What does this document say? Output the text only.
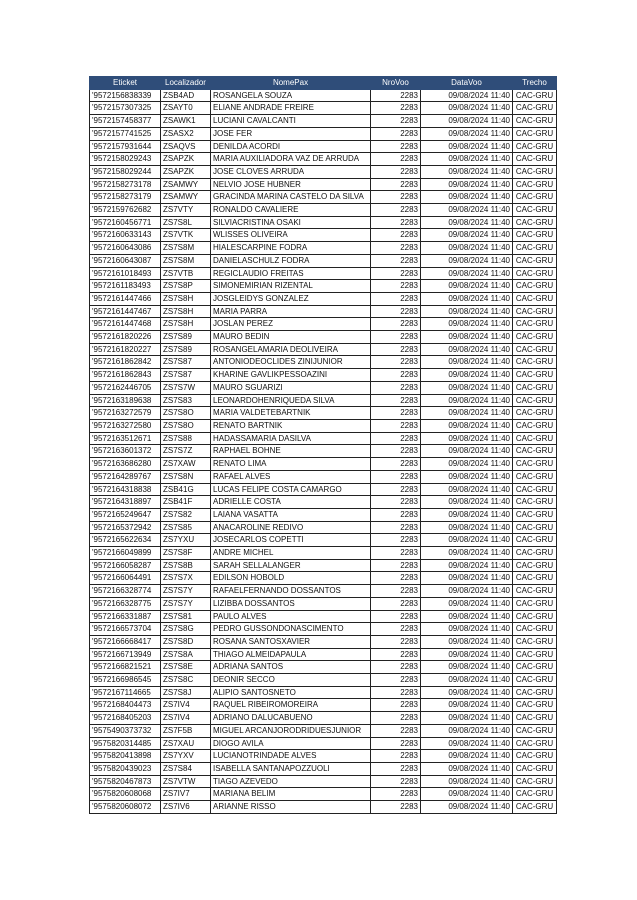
Eticket	Localizador	NomePax	NroVoo	DataVoo	Trecho
'9572156838339	ZSB4AD	ROSANGELA SOUZA	2283	09/08/2024 11:40	CAC-GRU
'9572157307325	ZSAYT0	ELIANE ANDRADE FREIRE	2283	09/08/2024 11:40	CAC-GRU
'9572157458377	ZSAWK1	LUCIANI CAVALCANTI	2283	09/08/2024 11:40	CAC-GRU
'9572157741525	ZSASX2	JOSE FER	2283	09/08/2024 11:40	CAC-GRU
'9572157931644	ZSAQVS	DENILDA ACORDI	2283	09/08/2024 11:40	CAC-GRU
'9572158029243	ZSAPZK	MARIA AUXILIADORA VAZ DE ARRUDA	2283	09/08/2024 11:40	CAC-GRU
'9572158029244	ZSAPZK	JOSE CLOVES ARRUDA	2283	09/08/2024 11:40	CAC-GRU
'9572158273178	ZSAMWY	NELVIO JOSE HUBNER	2283	09/08/2024 11:40	CAC-GRU
'9572158273179	ZSAMWY	GRACINDA MARINA CASTELO DA SILVA	2283	09/08/2024 11:40	CAC-GRU
'9572159762682	ZS7VTY	RONALDO CAVALIERE	2283	09/08/2024 11:40	CAC-GRU
'9572160456771	ZS7S8L	SILVIACRISTINA OSAKI	2283	09/08/2024 11:40	CAC-GRU
'9572160633143	ZS7VTK	WLISSES OLIVEIRA	2283	09/08/2024 11:40	CAC-GRU
'9572160643086	ZS7S8M	HIALESCARPINE FODRA	2283	09/08/2024 11:40	CAC-GRU
'9572160643087	ZS7S8M	DANIELASCHULZ FODRA	2283	09/08/2024 11:40	CAC-GRU
'9572161018493	ZS7VTB	REGICLAUDIO FREITAS	2283	09/08/2024 11:40	CAC-GRU
'9572161183493	ZS7S8P	SIMONEMIRIAN RIZENTAL	2283	09/08/2024 11:40	CAC-GRU
'9572161447466	ZS7S8H	JOSGLEIDYS GONZALEZ	2283	09/08/2024 11:40	CAC-GRU
'9572161447467	ZS7S8H	MARIA PARRA	2283	09/08/2024 11:40	CAC-GRU
'9572161447468	ZS7S8H	JOSLAN PEREZ	2283	09/08/2024 11:40	CAC-GRU
'9572161820226	ZS7S89	MAURO BEDIN	2283	09/08/2024 11:40	CAC-GRU
'9572161820227	ZS7S89	ROSANGELAMARIA DEOLIVEIRA	2283	09/08/2024 11:40	CAC-GRU
'9572161862842	ZS7S87	ANTONIODEOCLIDES ZINIJUNIOR	2283	09/08/2024 11:40	CAC-GRU
'9572161862843	ZS7S87	KHARINE GAVLIKPESSOAZINI	2283	09/08/2024 11:40	CAC-GRU
'9572162446705	ZS7S7W	MAURO SGUARIZI	2283	09/08/2024 11:40	CAC-GRU
'9572163189638	ZS7S83	LEONARDOHENRIQUEDA SILVA	2283	09/08/2024 11:40	CAC-GRU
'9572163272579	ZS7S8O	MARIA VALDETEBARTNIK	2283	09/08/2024 11:40	CAC-GRU
'9572163272580	ZS7S8O	RENATO BARTNIK	2283	09/08/2024 11:40	CAC-GRU
'9572163512671	ZS7S88	HADASSAMARIA DASILVA	2283	09/08/2024 11:40	CAC-GRU
'9572163601372	ZS7S7Z	RAPHAEL BOHNE	2283	09/08/2024 11:40	CAC-GRU
'9572163686280	ZS7XAW	RENATO LIMA	2283	09/08/2024 11:40	CAC-GRU
'9572164289767	ZS7S8N	RAFAEL ALVES	2283	09/08/2024 11:40	CAC-GRU
'9572164318838	ZSB41G	LUCAS FELIPE COSTA CAMARGO	2283	09/08/2024 11:40	CAC-GRU
'9572164318897	ZSB41F	ADRIELLE COSTA	2283	09/08/2024 11:40	CAC-GRU
'9572165249647	ZS7S82	LAIANA VASATTA	2283	09/08/2024 11:40	CAC-GRU
'9572165372942	ZS7S85	ANACAROLINE REDIVO	2283	09/08/2024 11:40	CAC-GRU
'9572165622634	ZS7YXU	JOSECARLOS COPETTI	2283	09/08/2024 11:40	CAC-GRU
'9572166049899	ZS7S8F	ANDRE MICHEL	2283	09/08/2024 11:40	CAC-GRU
'9572166058287	ZS7S8B	SARAH SELLALANGER	2283	09/08/2024 11:40	CAC-GRU
'9572166064491	ZS7S7X	EDILSON HOBOLD	2283	09/08/2024 11:40	CAC-GRU
'9572166328774	ZS7S7Y	RAFAELFERNANDO DOSSANTOS	2283	09/08/2024 11:40	CAC-GRU
'9572166328775	ZS7S7Y	LIZIBBA DOSSANTOS	2283	09/08/2024 11:40	CAC-GRU
'9572166331887	ZS7S81	PAULO ALVES	2283	09/08/2024 11:40	CAC-GRU
'9572166573704	ZS7S8G	PEDRO GUSSONDONASCIMENTO	2283	09/08/2024 11:40	CAC-GRU
'9572166668417	ZS7S8D	ROSANA SANTOSXAVIER	2283	09/08/2024 11:40	CAC-GRU
'9572166713949	ZS7S8A	THIAGO ALMEIDAPAULA	2283	09/08/2024 11:40	CAC-GRU
'9572166821521	ZS7S8E	ADRIANA SANTOS	2283	09/08/2024 11:40	CAC-GRU
'9572166986545	ZS7S8C	DEONIR SECCO	2283	09/08/2024 11:40	CAC-GRU
'9572167114665	ZS7S8J	ALIPIO SANTOSNETO	2283	09/08/2024 11:40	CAC-GRU
'9572168404473	ZS7IV4	RAQUEL RIBEIROMOREIRA	2283	09/08/2024 11:40	CAC-GRU
'9572168405203	ZS7IV4	ADRIANO DALUCABUENO	2283	09/08/2024 11:40	CAC-GRU
'9575490373732	ZS7F5B	MIGUEL ARCANJORODRIDUESJUNIOR	2283	09/08/2024 11:40	CAC-GRU
'9575820314485	ZS7XAU	DIOGO AVILA	2283	09/08/2024 11:40	CAC-GRU
'9575820413898	ZS7YXV	LUCIANOTRINDADE ALVES	2283	09/08/2024 11:40	CAC-GRU
'9575820439023	ZS7S84	ISABELLA SANTANAPOZZUOLI	2283	09/08/2024 11:40	CAC-GRU
'9575820467873	ZS7VTW	TIAGO AZEVEDO	2283	09/08/2024 11:40	CAC-GRU
'9575820608068	ZS7IV7	MARIANA BELIM	2283	09/08/2024 11:40	CAC-GRU
'9575820608072	ZS7IV6	ARIANNE RISSO	2283	09/08/2024 11:40	CAC-GRU
